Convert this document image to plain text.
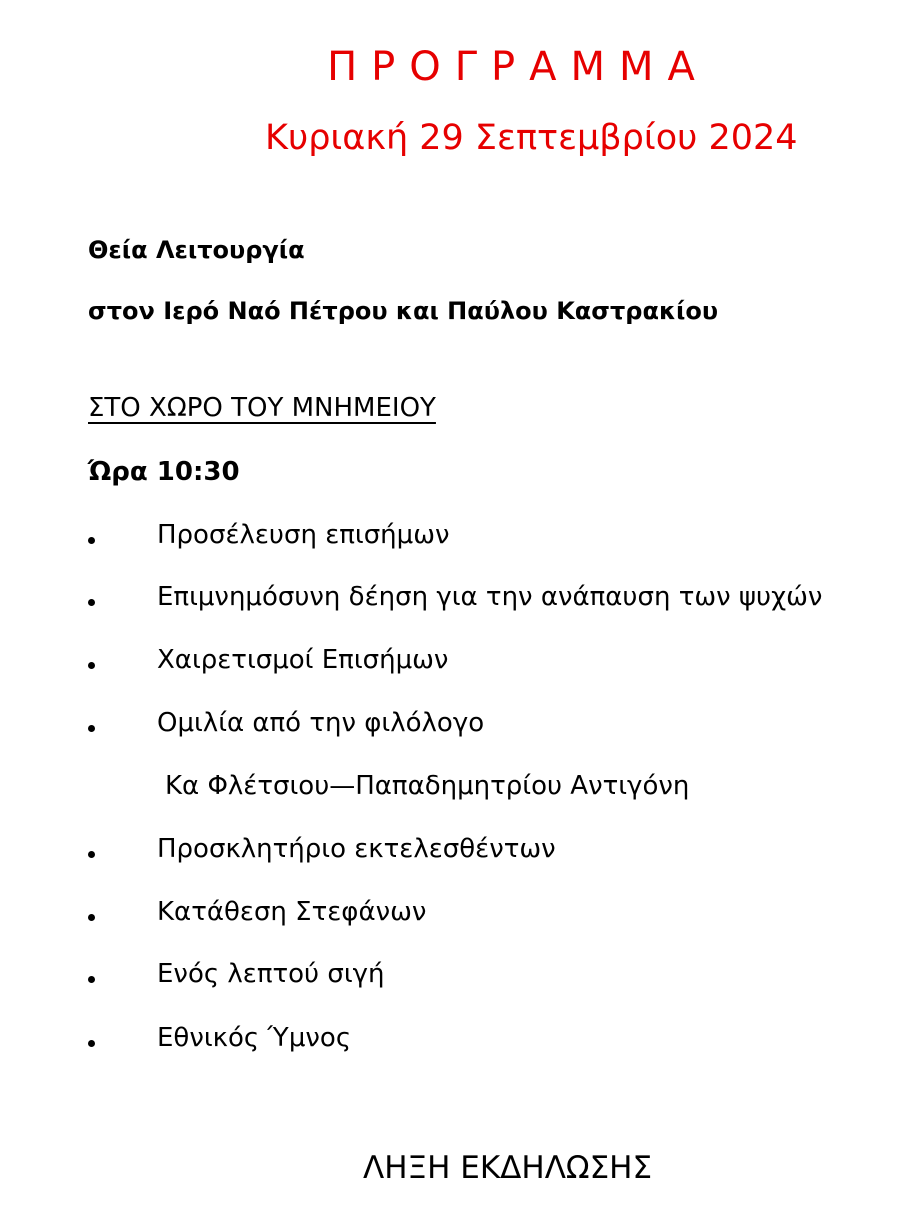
ΠΡΟΓΡΑΜΜΑ
Κυριακή 29 Σεπτεμβρίου 2024
Θεία Λειτουργία
στον Ιερό Ναό Πέτρου και Παύλου Καστρακίου
ΣΤΟ ΧΩΡΟ ΤΟΥ ΜΝΗΜΕΙΟΥ
Ώρα 10:30
Προσέλευση επισήμων
Επιμνημόσυνη δέηση για την ανάπαυση των ψυχών
Χαιρετισμοί Επισήμων
Ομιλία από την φιλόλογο
Κα Φλέτσιου—Παπαδημητρίου Αντιγόνη
Προσκλητήριο εκτελεσθέντων
Κατάθεση Στεφάνων
Ενός λεπτού σιγή
Εθνικός Ύμνος
ΛΗΞΗ ΕΚΔΗΛΩΣΗΣ
